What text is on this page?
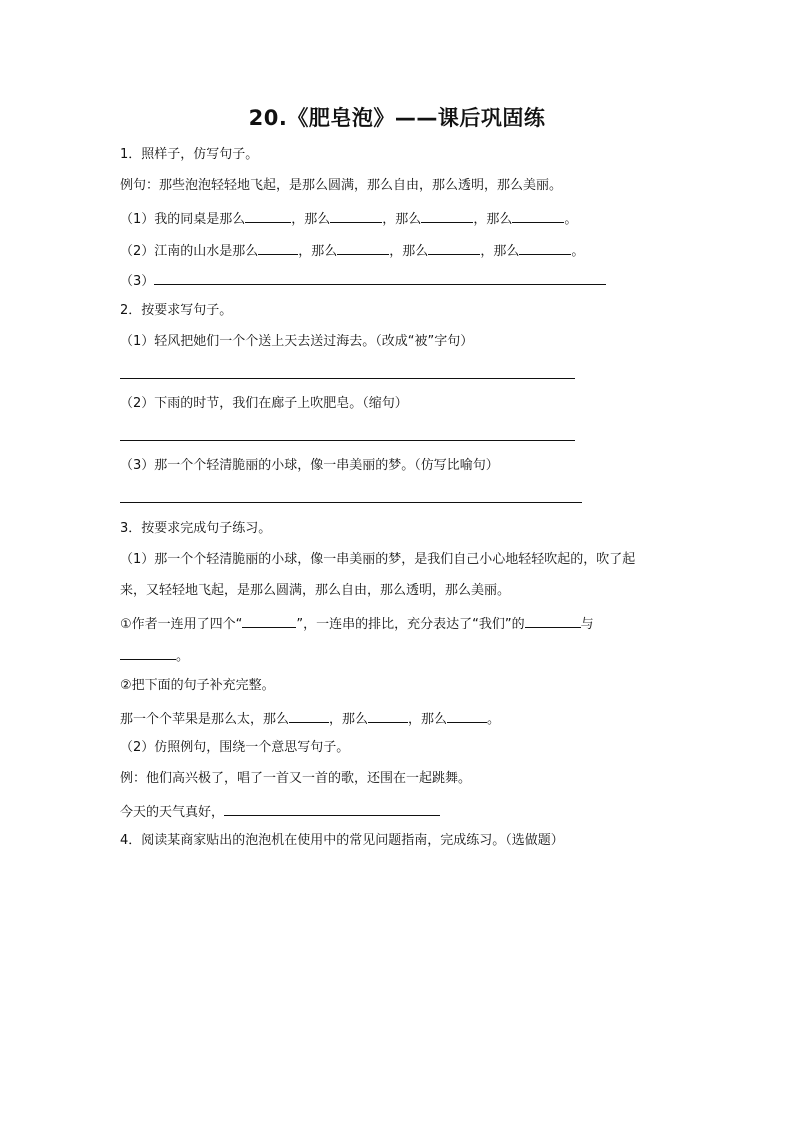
20.《肥皂泡》——课后巩固练
1．照样子，仿写句子。
例句：那些泡泡轻轻地飞起，是那么圆满，那么自由，那么透明，那么美丽。
（1）我的同桌是那么	，那么	，那么	，那么	。
（2）江南的山水是那么	，那么	，那么	，那么	。
（3）
2．按要求写句子。
（1）轻风把她们一个个送上天去送过海去。（改成“被”字句）
（2）下雨的时节，我们在廊子上吹肥皂。（缩句）
（3）那一个个轻清脆丽的小球，像一串美丽的梦。（仿写比喻句）
3．按要求完成句子练习。
（1）那一个个轻清脆丽的小球，像一串美丽的梦，是我们自己小心地轻轻吹起的，吹了起
来，又轻轻地飞起，是那么圆满，那么自由，那么透明，那么美丽。
①作者一连用了四个“	”，一连串的排比，充分表达了“我们”的	与
。
②把下面的句子补充完整。
那一个个苹果是那么太，那么	，那么	，那么	。
（2）仿照例句，围绕一个意思写句子。
例：他们高兴极了，唱了一首又一首的歌，还围在一起跳舞。
今天的天气真好，
4．阅读某商家贴出的泡泡机在使用中的常见问题指南，完成练习。（选做题）
